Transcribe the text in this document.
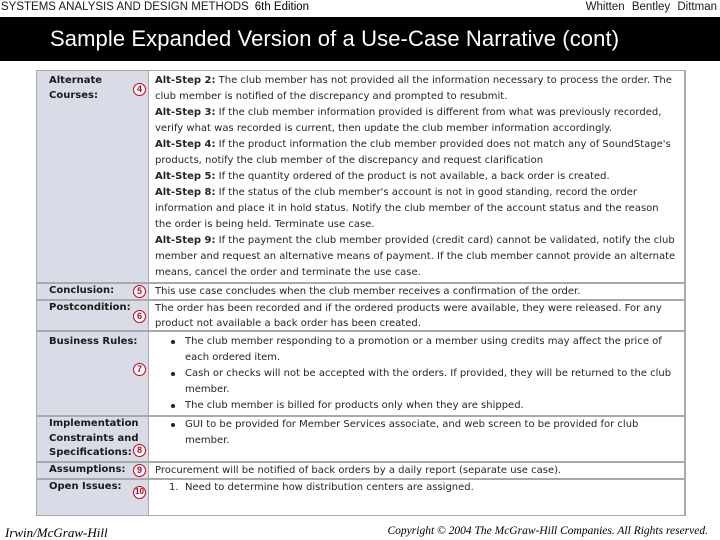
SYSTEMS ANALYSIS AND DESIGN METHODS 6th Edition	Whitten Bentley Dittman
Sample Expanded Version of a Use-Case Narrative (cont)
Alternate Courses:

Alt-Step 2: The club member has not provided all the information necessary to process the order. The club member is notified of the discrepancy and prompted to resubmit.

Alt-Step 3: If the club member information provided is different from what was previously recorded, verify what was recorded is current, then update the club member information accordingly.

Alt-Step 4: If the product information the club member provided does not match any of SoundStage's products, notify the club member of the discrepancy and request clarification

Alt-Step 5: If the quantity ordered of the product is not available, a back order is created.

Alt-Step 8: If the status of the club member's account is not in good standing, record the order information and place it in hold status. Notify the club member of the account status and the reason the order is being held. Terminate use case.

Alt-Step 9: If the payment the club member provided (credit card) cannot be validated, notify the club member and request an alternative means of payment. If the club member cannot provide an alternate means, cancel the order and terminate the use case.

4
Conclusion:	This use case concludes when the club member receives a confirmation of the order.
5
Postcondition:	The order has been recorded and if the ordered products were available, they were released. For any product not available a back order has been created.
6
Business Rules:	The club member responding to a promotion or a member using credits may affect the price of each ordered item.
Cash or checks will not be accepted with the orders. If provided, they will be returned to the club member.
The club member is billed for products only when they are shipped.
7
Implementation Constraints and Specifications:
GUI to be provided for Member Services associate, and web screen to be provided for club member.
8
Assumptions:	Procurement will be notified of back orders by a daily report (separate use case).
9
Open Issues:	1. Need to determine how distribution centers are assigned.
10
Irwin/McGraw-Hill	Copyright © 2004 The McGraw-Hill Companies. All Rights reserved.
